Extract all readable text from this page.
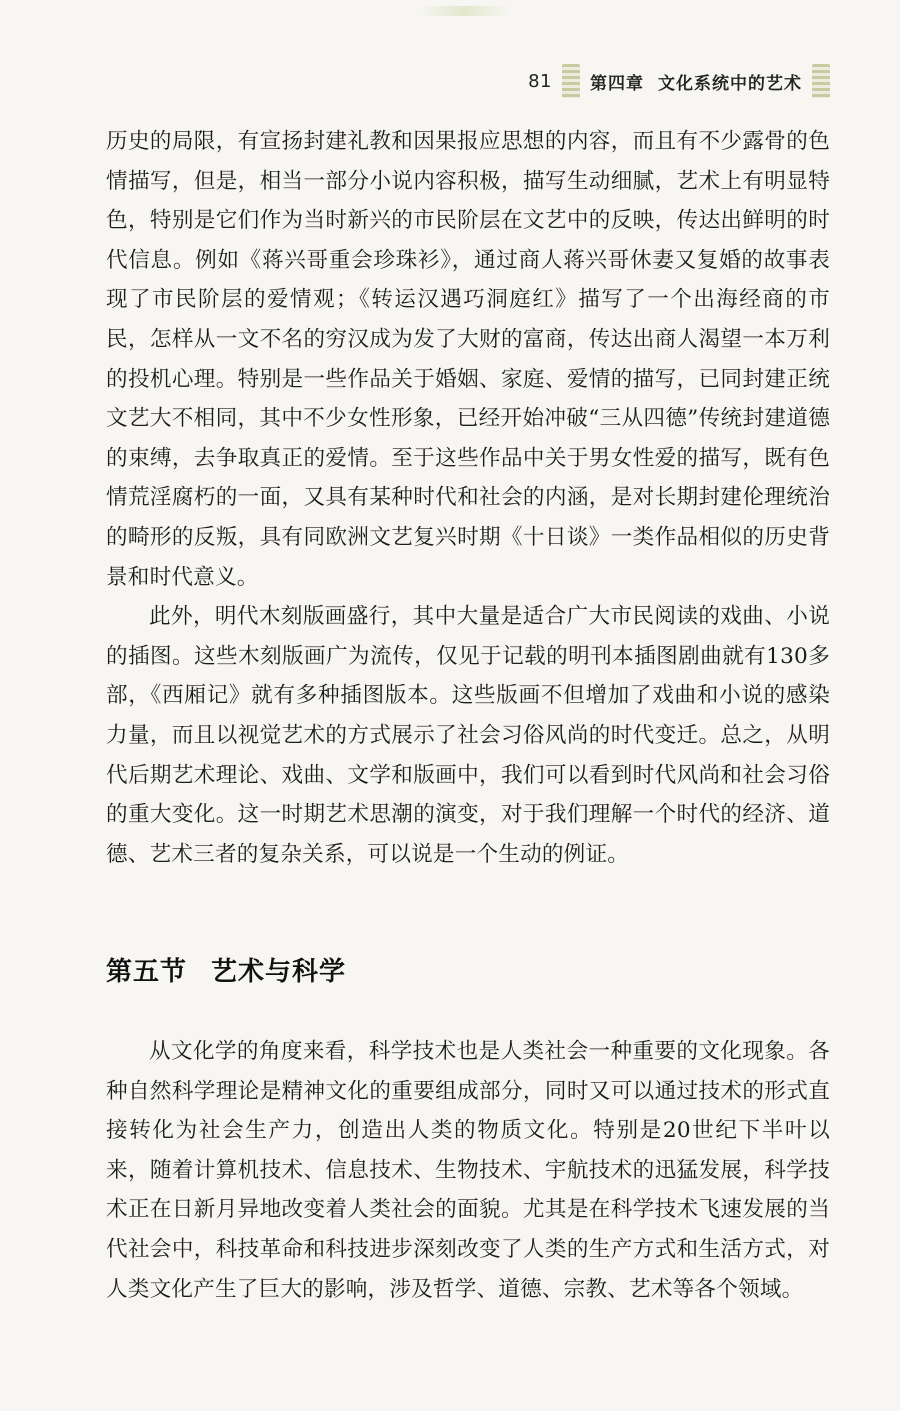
81 第四章 文化系统中的艺术

历史的局限，有宣扬封建礼教和因果报应思想的内容，而且有不少露骨的色情描写，但是，相当一部分小说内容积极，描写生动细腻，艺术上有明显特色，特别是它们作为当时新兴的市民阶层在文艺中的反映，传达出鲜明的时代信息。例如《蒋兴哥重会珍珠衫》，通过商人蒋兴哥休妻又复婚的故事表现了市民阶层的爱情观；《转运汉遇巧洞庭红》描写了一个出海经商的市民，怎样从一文不名的穷汉成为发了大财的富商，传达出商人渴望一本万利的投机心理。特别是一些作品关于婚姻、家庭、爱情的描写，已同封建正统文艺大不相同，其中不少女性形象，已经开始冲破“三从四德”传统封建道德的束缚，去争取真正的爱情。至于这些作品中关于男女性爱的描写，既有色情荒淫腐朽的一面，又具有某种时代和社会的内涵，是对长期封建伦理统治的畸形的反叛，具有同欧洲文艺复兴时期《十日谈》一类作品相似的历史背景和时代意义。

此外，明代木刻版画盛行，其中大量是适合广大市民阅读的戏曲、小说的插图。这些木刻版画广为流传，仅见于记载的明刊本插图剧曲就有130多部，《西厢记》就有多种插图版本。这些版画不但增加了戏曲和小说的感染力量，而且以视觉艺术的方式展示了社会习俗风尚的时代变迁。总之，从明代后期艺术理论、戏曲、文学和版画中，我们可以看到时代风尚和社会习俗的重大变化。这一时期艺术思潮的演变，对于我们理解一个时代的经济、道德、艺术三者的复杂关系，可以说是一个生动的例证。

第五节 艺术与科学

从文化学的角度来看，科学技术也是人类社会一种重要的文化现象。各种自然科学理论是精神文化的重要组成部分，同时又可以通过技术的形式直接转化为社会生产力，创造出人类的物质文化。特别是20世纪下半叶以来，随着计算机技术、信息技术、生物技术、宇航技术的迅猛发展，科学技术正在日新月异地改变着人类社会的面貌。尤其是在科学技术飞速发展的当代社会中，科技革命和科技进步深刻改变了人类的生产方式和生活方式，对人类文化产生了巨大的影响，涉及哲学、道德、宗教、艺术等各个领域。
